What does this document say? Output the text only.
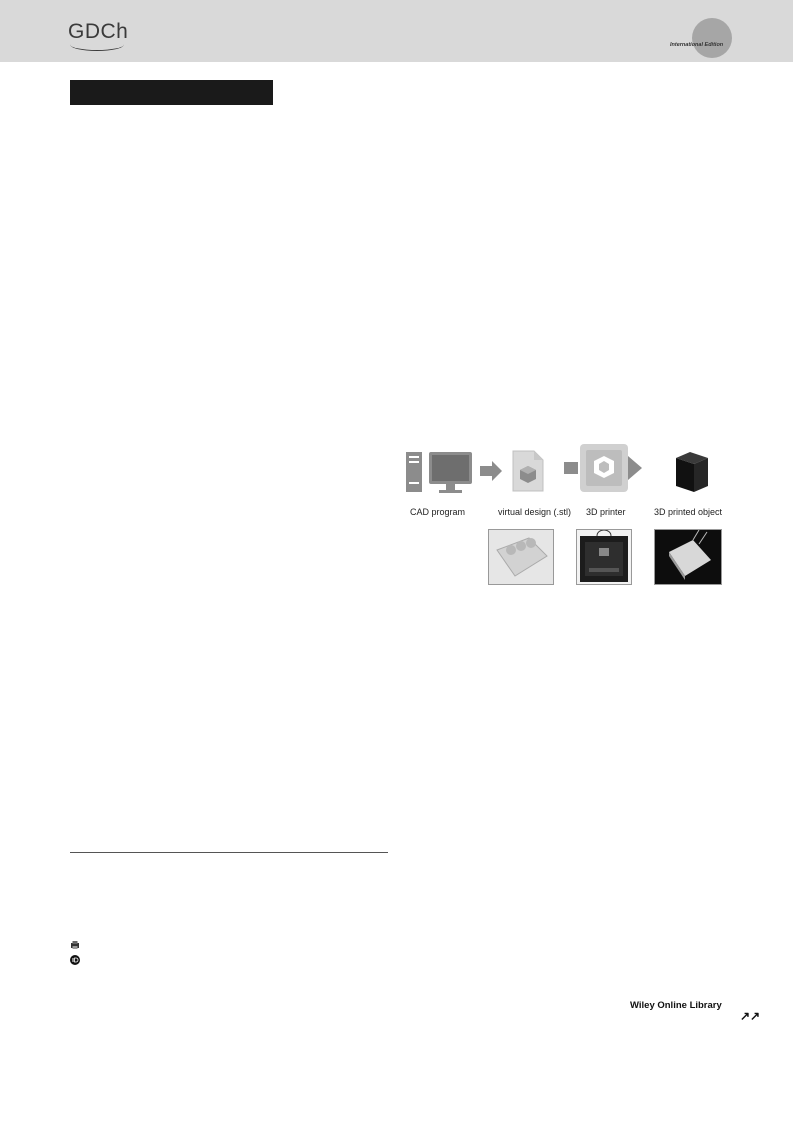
GDCh
International Edition
CAD program	virtual design (.stl) 3D printer	3D printed object
Wiley Online Library
↗↗
